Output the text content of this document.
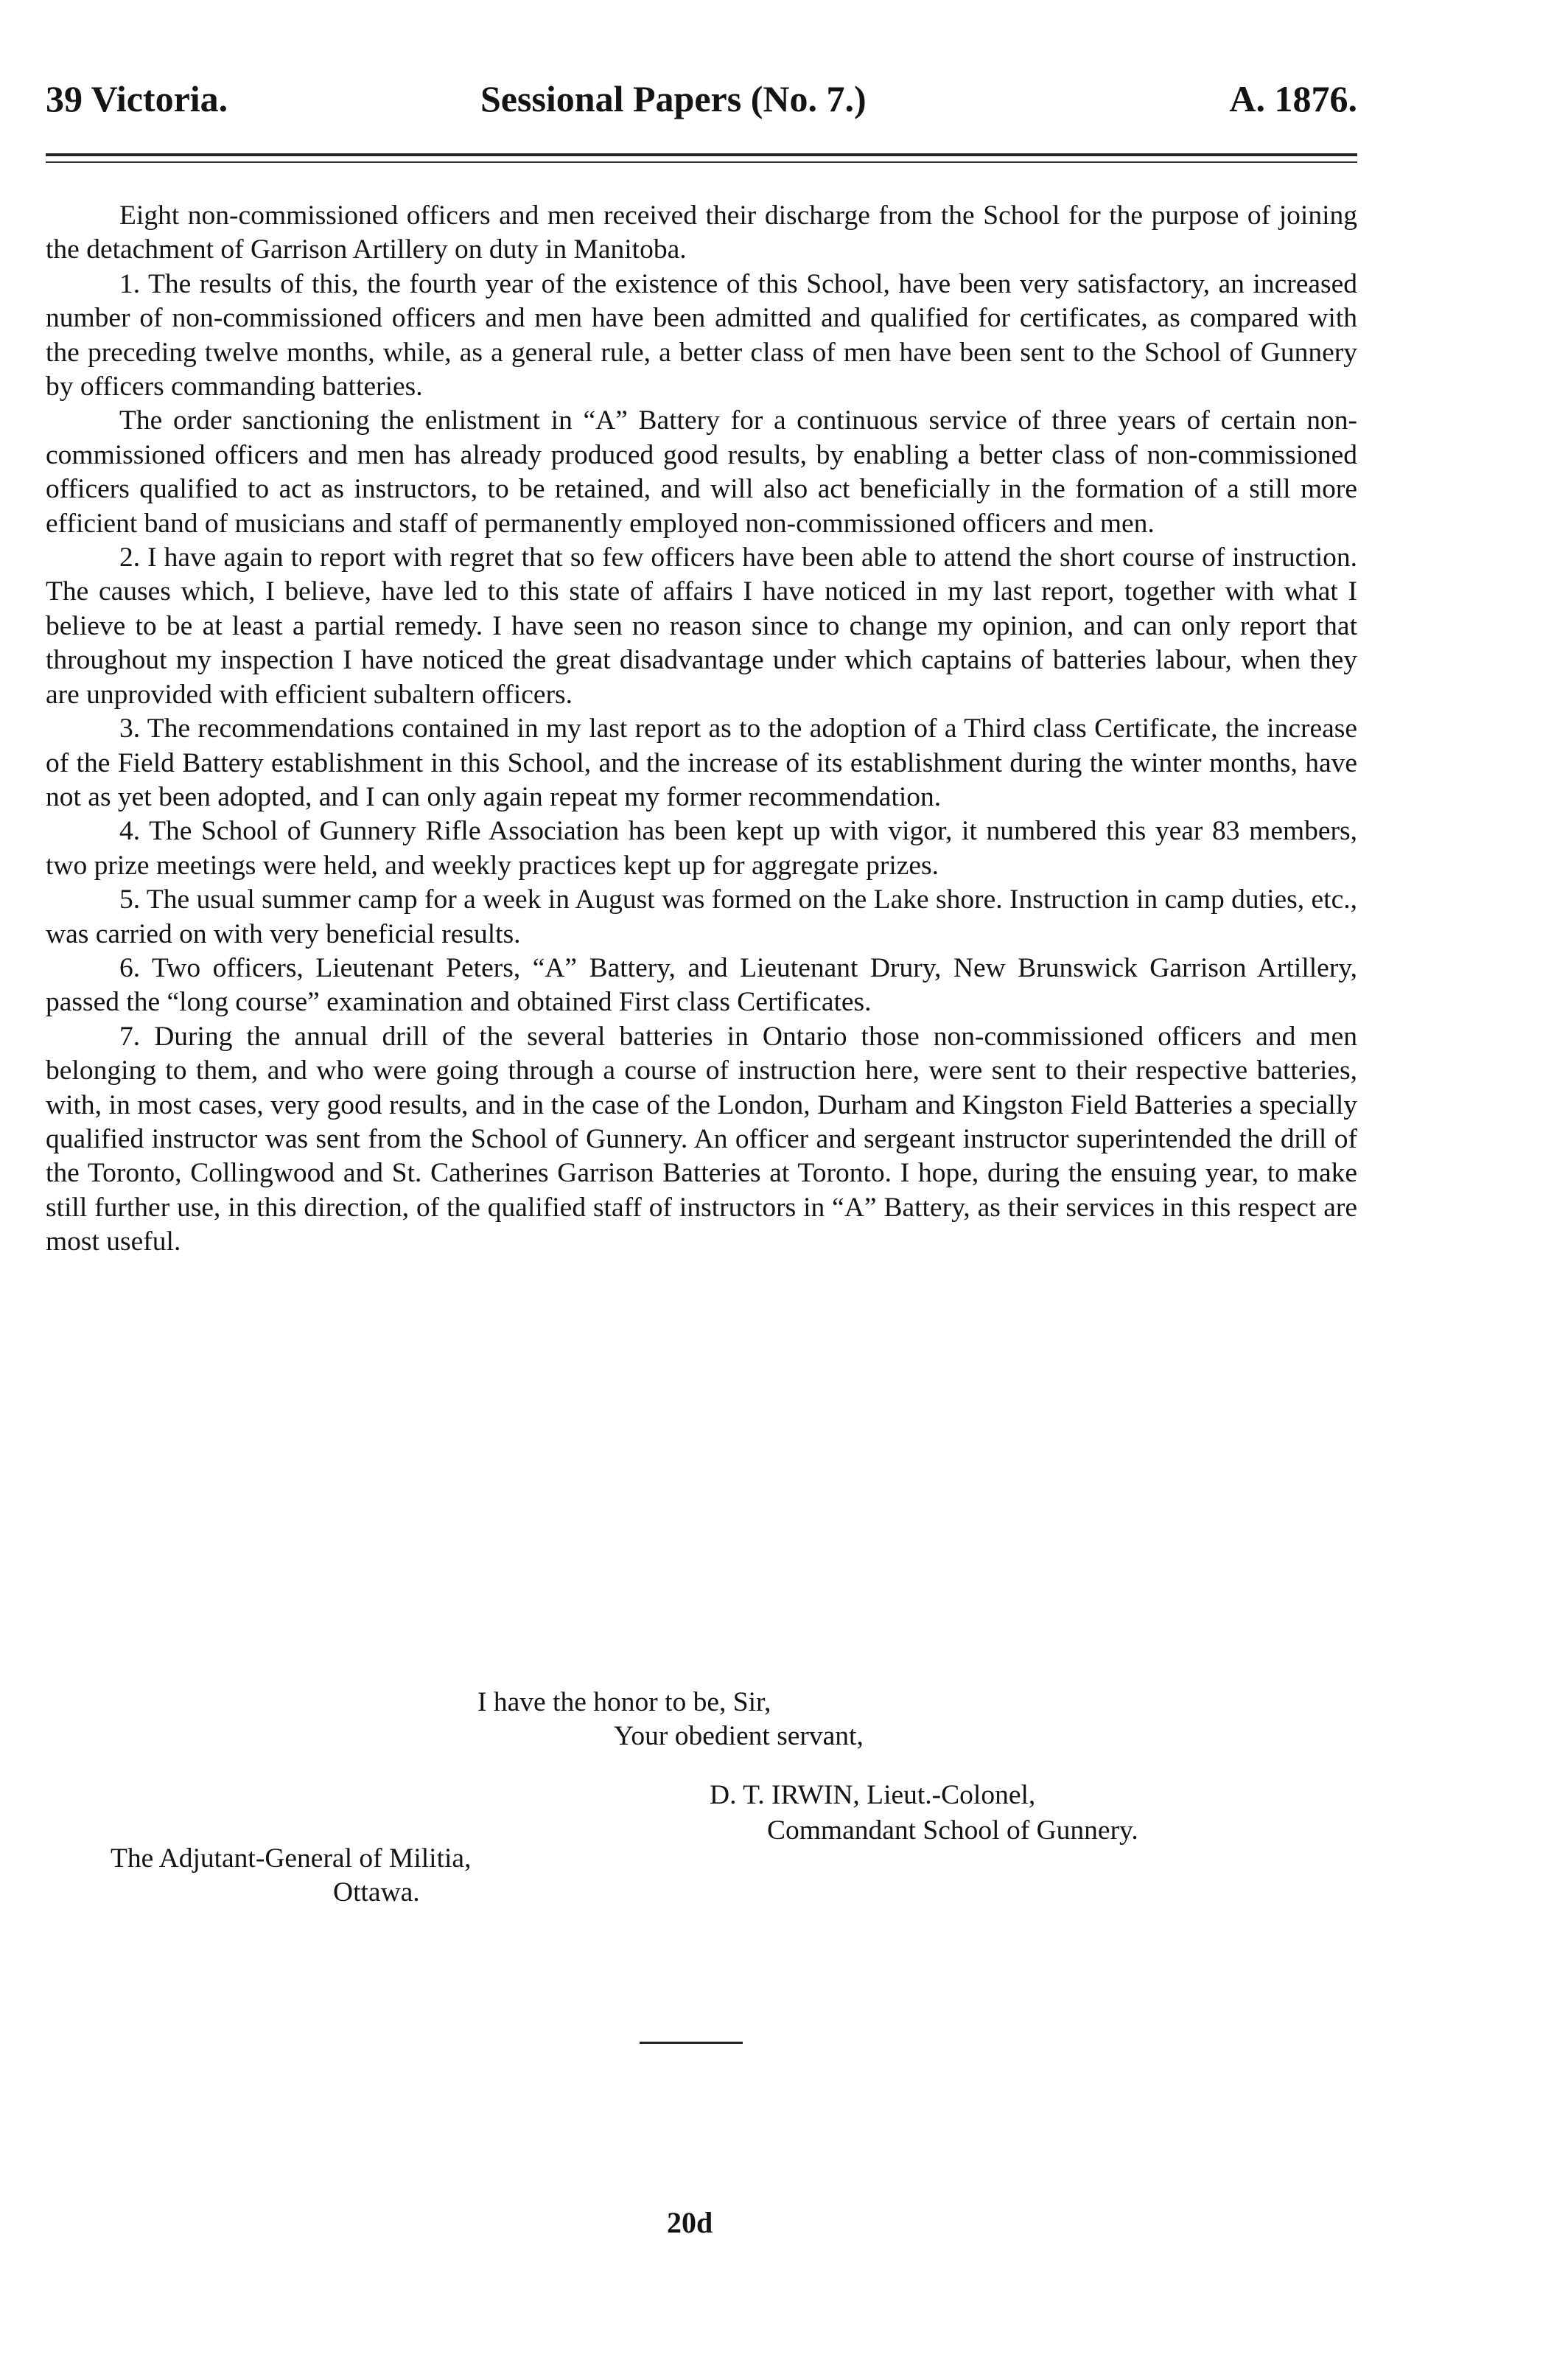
39 Victoria.	Sessional Papers (No. 7.)	A. 1876.

Eight non-commissioned officers and men received their discharge from the School for the purpose of joining the detachment of Garrison Artillery on duty in Manitoba.

1. The results of this, the fourth year of the existence of this School, have been very satisfactory, an increased number of non-commissioned officers and men have been admitted and qualified for certificates, as compared with the preceding twelve months, while, as a general rule, a better class of men have been sent to the School of Gunnery by officers commanding batteries.

The order sanctioning the enlistment in “A” Battery for a continuous service of three years of certain non-commissioned officers and men has already produced good results, by enabling a better class of non-commissioned officers qualified to act as instructors, to be retained, and will also act beneficially in the formation of a still more efficient band of musicians and staff of permanently employed non-commissioned officers and men.

2. I have again to report with regret that so few officers have been able to attend the short course of instruction. The causes which, I believe, have led to this state of affairs I have noticed in my last report, together with what I believe to be at least a partial remedy. I have seen no reason since to change my opinion, and can only report that throughout my inspection I have noticed the great disadvantage under which captains of batteries labour, when they are unprovided with efficient subaltern officers.

3. The recommendations contained in my last report as to the adoption of a Third class Certificate, the increase of the Field Battery establishment in this School, and the increase of its establishment during the winter months, have not as yet been adopted, and I can only again repeat my former recommendation.

4. The School of Gunnery Rifle Association has been kept up with vigor, it numbered this year 83 members, two prize meetings were held, and weekly practices kept up for aggregate prizes.

5. The usual summer camp for a week in August was formed on the Lake shore. Instruction in camp duties, etc., was carried on with very beneficial results.

6. Two officers, Lieutenant Peters, “A” Battery, and Lieutenant Drury, New Brunswick Garrison Artillery, passed the “long course” examination and obtained First class Certificates.

7. During the annual drill of the several batteries in Ontario those non-commissioned officers and men belonging to them, and who were going through a course of instruction here, were sent to their respective batteries, with, in most cases, very good results, and in the case of the London, Durham and Kingston Field Batteries a specially qualified instructor was sent from the School of Gunnery. An officer and sergeant instructor superintended the drill of the Toronto, Collingwood and St. Catherines Garrison Batteries at Toronto. I hope, during the ensuing year, to make still further use, in this direction, of the qualified staff of instructors in “A” Battery, as their services in this respect are most useful.

I have the honor to be, Sir,
Your obedient servant,
D. T. IRWIN, Lieut.-Colonel,
Commandant School of Gunnery.
The Adjutant-General of Militia,
Ottawa.
20d
